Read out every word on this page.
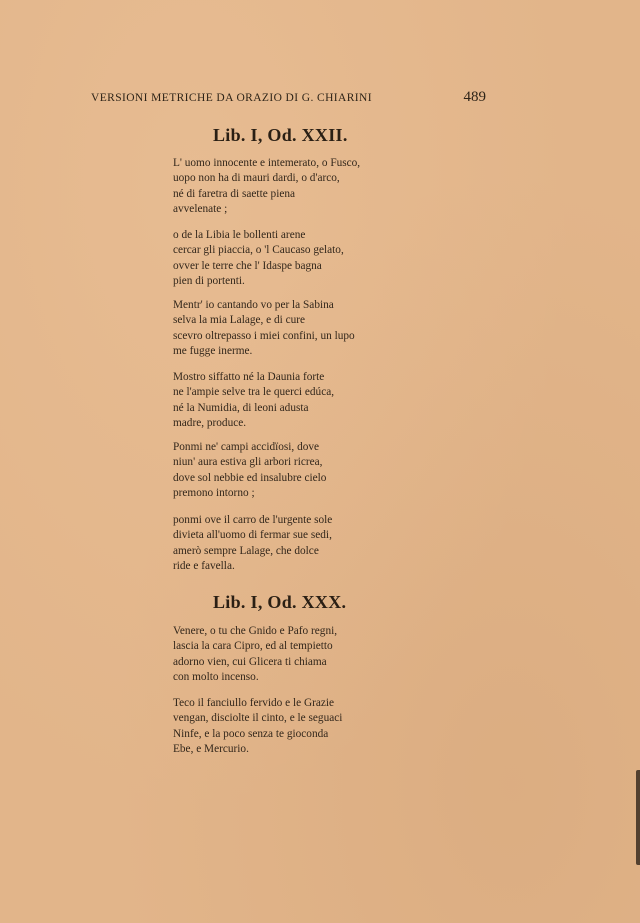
VERSIONI METRICHE DA ORAZIO DI G. CHIARINI	489
Lib. I, Od. XXII.
L' uomo innocente e intemerato, o Fusco,
uopo non ha di mauri dardi, o d'arco,
né di faretra di saette piena
avvelenate ;
o de la Libia le bollenti arene
cercar gli piaccia, o 'l Caucaso gelato,
ovver le terre che l' Idaspe bagna
pien di portenti.
Mentr' io cantando vo per la Sabina
selva la mia Lalage, e di cure
scevro oltrepasso i miei confini, un lupo
me fugge inerme.
Mostro siffatto né la Daunia forte
ne l'ampie selve tra le querci edúca,
né la Numidia, di leoni adusta
madre, produce.
Ponmi ne' campi accidïosi, dove
niun' aura estiva gli arbori ricrea,
dove sol nebbie ed insalubre cielo
premono intorno ;
ponmi ove il carro de l'urgente sole
divieta all'uomo di fermar sue sedi,
amerò sempre Lalage, che dolce
ride e favella.
Lib. I, Od. XXX.
Venere, o tu che Gnido e Pafo regni,
lascia la cara Cipro, ed al tempietto
adorno vien, cui Glicera ti chiama
con molto incenso.
Teco il fanciullo fervido e le Grazie
vengan, disciolte il cinto, e le seguaci
Ninfe, e la poco senza te gioconda
Ebe, e Mercurio.
